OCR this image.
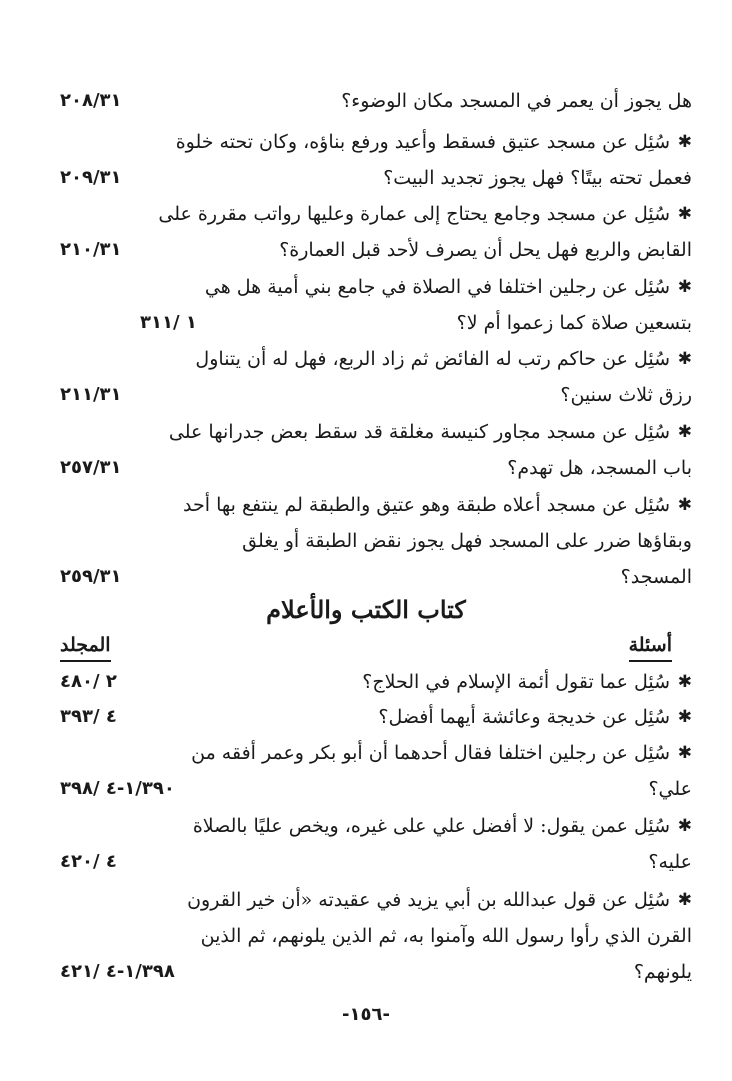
هل يجوز أن يعمر في المسجد مكان الوضوء؟
٢٠٨/٣١
✱
سُئِل عن مسجد عتيق فسقط وأعيد ورفع بناؤه، وكان تحته خلوة
فعمل تحته بيتًا؟ فهل يجوز تجديد البيت؟
٢٠٩/٣١
✱
سُئِل عن مسجد وجامع يحتاج إلى عمارة وعليها رواتب مقررة على
القابض والربع فهل يحل أن يصرف لأحد قبل العمارة؟
٢١٠/٣١
✱
سُئِل عن رجلين اختلفا في الصلاة في جامع بني أمية هل هي
بتسعين صلاة كما زعموا أم لا؟
١ /٣١١
✱
سُئِل عن حاكم رتب له الفائض ثم زاد الربع، فهل له أن يتناول
رزق ثلاث سنين؟
٢١١/٣١
✱
سُئِل عن مسجد مجاور كنيسة مغلقة قد سقط بعض جدرانها على
باب المسجد، هل تهدم؟
٢٥٧/٣١
✱
سُئِل عن مسجد أعلاه طبقة وهو عتيق والطبقة لم ينتفع بها أحد
وبقاؤها ضرر على المسجد فهل يجوز نقض الطبقة أو يغلق
المسجد؟
٢٥٩/٣١
كتاب الكتب والأعلام
أسئلة
المجلد
✱
سُئِل عما تقول أئمة الإسلام في الحلاج؟
٢ /٤٨٠
✱
سُئِل عن خديجة وعائشة أيهما أفضل؟
٤ /٣٩٣
✱
سُئِل عن رجلين اختلفا فقال أحدهما أن أبو بكر وعمر أفقه من
علي؟
١/٣٩٠-٤ /٣٩٨
✱
سُئِل عمن يقول: لا أفضل علي على غيره، ويخص عليًا بالصلاة
عليه؟
٤ /٤٢٠
✱
سُئِل عن قول عبدالله بن أبي يزيد في عقيدته «أن خير القرون
القرن الذي رأوا رسول الله وآمنوا به، ثم الذين يلونهم، ثم الذين
يلونهم؟
١/٣٩٨-٤ /٤٢١
-١٥٦-
